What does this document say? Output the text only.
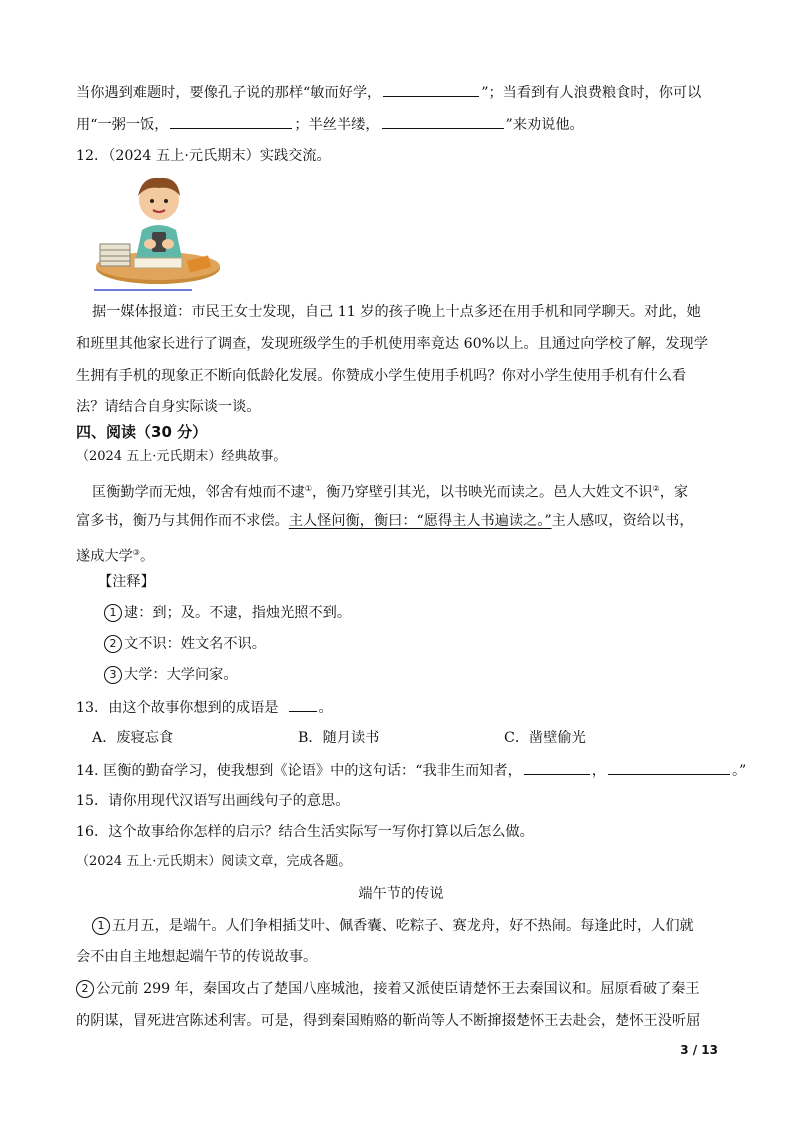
当你遇到难题时，要像孔子说的那样“敏而好学，	”；当看到有人浪费粮食时，你可以
用“一粥一饭，	；半丝半缕，	”来劝说他。
12．（2024 五上·元氏期末）实践交流。
据一媒体报道：市民王女士发现，自己 11 岁的孩子晚上十点多还在用手机和同学聊天。对此，她
和班里其他家长进行了调查，发现班级学生的手机使用率竟达 60%以上。且通过向学校了解，发现学
生拥有手机的现象正不断向低龄化发展。你赞成小学生使用手机吗？你对小学生使用手机有什么看
法？请结合自身实际谈一谈。
四、阅读（30 分）
（2024 五上·元氏期末）经典故事。
匡衡勤学而无烛，邻舍有烛而不逮①，衡乃穿壁引其光，以书映光而读之。邑人大姓文不识②，家
富多书，衡乃与其佣作而不求偿。主人怪问衡，衡曰：“愿得主人书遍读之。”主人感叹，资给以书，
遂成大学③。
【注释】
1 逮：到；及。不逮，指烛光照不到。
2 文不识：姓文名不识。
3 大学：大学问家。
13．由这个故事你想到的成语是	。
A．废寝忘食	B．随月读书	C．凿壁偷光
14. 匡衡的勤奋学习，使我想到《论语》中的这句话：“我非生而知者，	，	。”
15．请你用现代汉语写出画线句子的意思。
16．这个故事给你怎样的启示？结合生活实际写一写你打算以后怎么做。
（2024 五上·元氏期末）阅读文章，完成各题。
端午节的传说
1 五月五，是端午。人们争相插艾叶、佩香囊、吃粽子、赛龙舟，好不热闹。每逢此时，人们就
会不由自主地想起端午节的传说故事。
2 公元前 299 年，秦国攻占了楚国八座城池，接着又派使臣请楚怀王去秦国议和。屈原看破了秦王
的阴谋，冒死进宫陈述利害。可是，得到秦国贿赂的靳尚等人不断撺掇楚怀王去赴会，楚怀王没听屈
3 / 13
